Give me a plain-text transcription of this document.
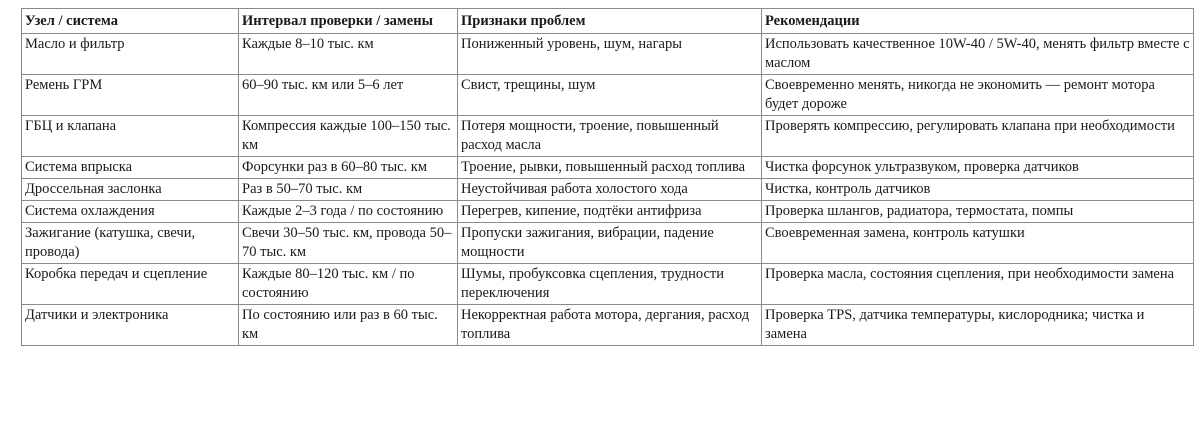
Узел / система	Интервал проверки / замены	Признаки проблем	Рекомендации
Масло и фильтр	Каждые 8–10 тыс. км	Пониженный уровень, шум, нагары	Использовать качественное 10W-40 / 5W-40, менять фильтр вместе с маслом
Ремень ГРМ	60–90 тыс. км или 5–6 лет	Свист, трещины, шум	Своевременно менять, никогда не экономить — ремонт мотора будет дороже
ГБЦ и клапана	Компрессия каждые 100–150 тыс. км	Потеря мощности, троение, повышенный расход масла	Проверять компрессию, регулировать клапана при необходимости
Система впрыска	Форсунки раз в 60–80 тыс. км	Троение, рывки, повышенный расход топлива	Чистка форсунок ультразвуком, проверка датчиков
Дроссельная заслонка	Раз в 50–70 тыс. км	Неустойчивая работа холостого хода	Чистка, контроль датчиков
Система охлаждения	Каждые 2–3 года / по состоянию	Перегрев, кипение, подтёки антифриза	Проверка шлангов, радиатора, термостата, помпы
Зажигание (катушка, свечи, провода)	Свечи 30–50 тыс. км, провода 50–70 тыс. км	Пропуски зажигания, вибрации, падение мощности	Своевременная замена, контроль катушки
Коробка передач и сцепление	Каждые 80–120 тыс. км / по состоянию	Шумы, пробуксовка сцепления, трудности переключения	Проверка масла, состояния сцепления, при необходимости замена
Датчики и электроника	По состоянию или раз в 60 тыс. км	Некорректная работа мотора, дергания, расход топлива	Проверка TPS, датчика температуры, кислородника; чистка и замена
